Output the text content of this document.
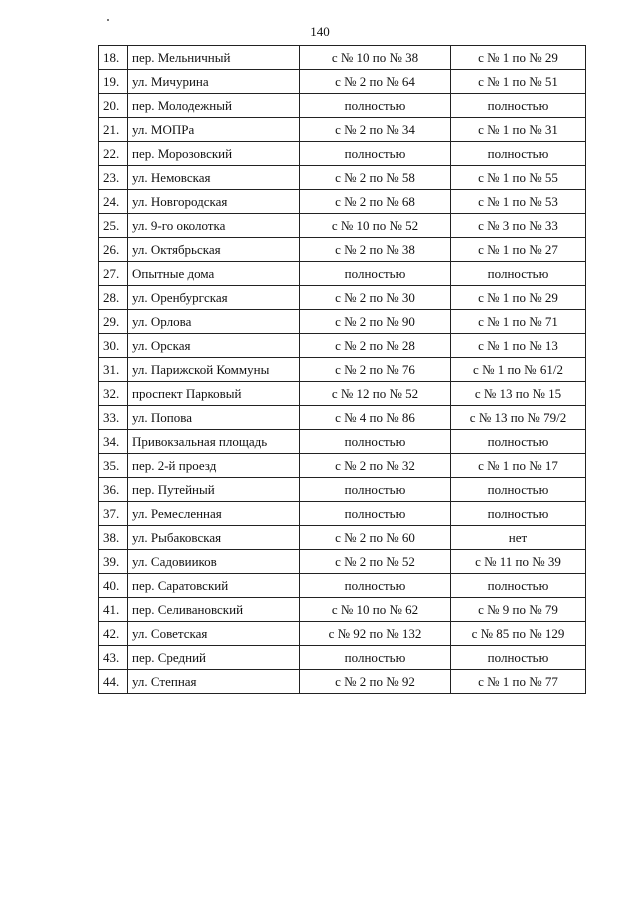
140
18.	пер. Мельничный	с № 10 по № 38	с № 1 по № 29
19.	ул. Мичурина	с № 2 по № 64	с № 1 по № 51
20.	пер. Молодежный	полностью	полностью
21.	ул. МОПРа	с № 2 по № 34	с № 1 по № 31
22.	пер. Морозовский	полностью	полностью
23.	ул. Немовская	с № 2 по № 58	с № 1 по № 55
24.	ул. Новгородская	с № 2 по № 68	с № 1 по № 53
25.	ул. 9-го околотка	с № 10 по № 52	с № 3 по № 33
26.	ул. Октябрьская	с № 2 по № 38	с № 1 по № 27
27.	Опытные дома	полностью	полностью
28.	ул. Оренбургская	с № 2 по № 30	с № 1 по № 29
29.	ул. Орлова	с № 2 по № 90	с № 1 по № 71
30.	ул. Орская	с № 2 по № 28	с № 1 по № 13
31.	ул. Парижской Коммуны	с № 2 по № 76	с № 1 по № 61/2
32.	проспект Парковый	с № 12 по № 52	с № 13 по № 15
33.	ул. Попова	с № 4 по № 86	с № 13 по № 79/2
34.	Привокзальная площадь	полностью	полностью
35.	пер. 2-й проезд	с № 2 по № 32	с № 1 по № 17
36.	пер. Путейный	полностью	полностью
37.	ул. Ремесленная	полностью	полностью
38.	ул. Рыбаковская	с № 2 по № 60	нет
39.	ул. Садовииков	с № 2 по № 52	с № 11 по № 39
40.	пер. Саратовский	полностью	полностью
41.	пер. Селивановский	с № 10 по № 62	с № 9 по № 79
42.	ул. Советская	с № 92 по № 132	с № 85 по № 129
43.	пер. Средний	полностью	полностью
44.	ул. Степная	с № 2 по № 92	с № 1 по № 77
